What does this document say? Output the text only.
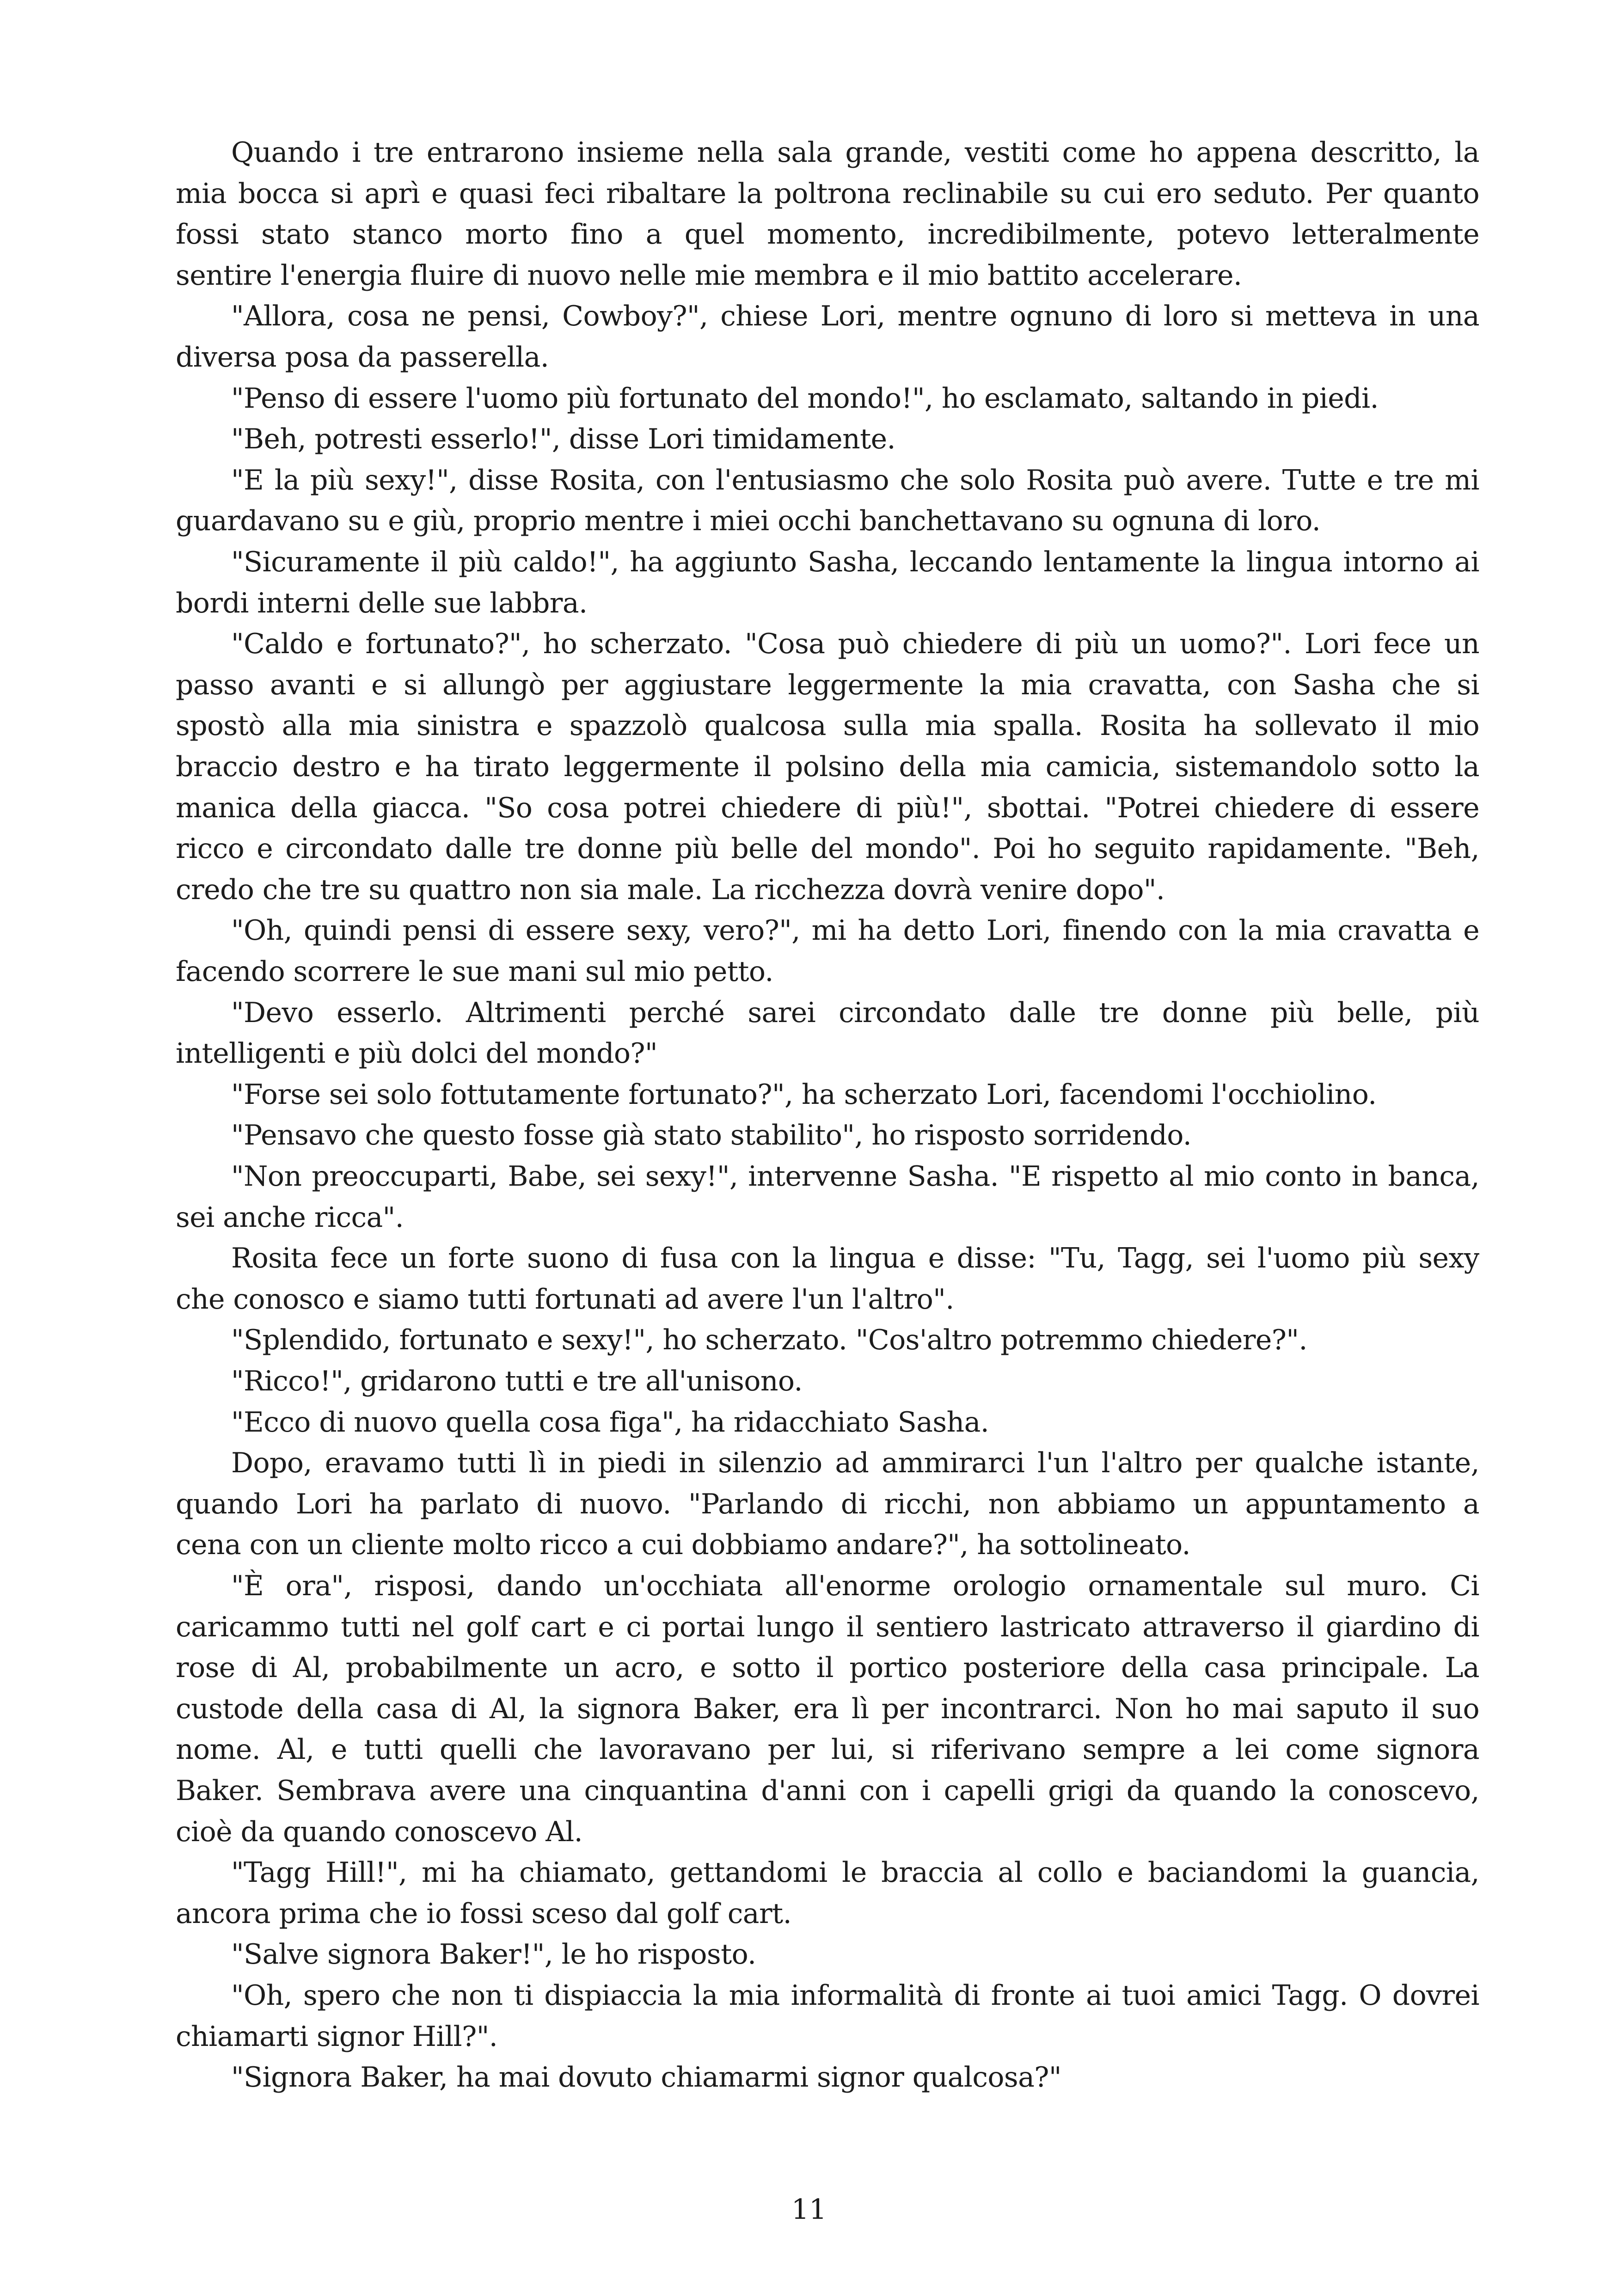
Quando i tre entrarono insieme nella sala grande, vestiti come ho appena descritto, la
mia bocca si aprì e quasi feci ribaltare la poltrona reclinabile su cui ero seduto. Per quanto
fossi stato stanco morto fino a quel momento, incredibilmente, potevo letteralmente
sentire l'energia fluire di nuovo nelle mie membra e il mio battito accelerare.
"Allora, cosa ne pensi, Cowboy?", chiese Lori, mentre ognuno di loro si metteva in una
diversa posa da passerella.
"Penso di essere l'uomo più fortunato del mondo!", ho esclamato, saltando in piedi.
"Beh, potresti esserlo!", disse Lori timidamente.
"E la più sexy!", disse Rosita, con l'entusiasmo che solo Rosita può avere. Tutte e tre mi
guardavano su e giù, proprio mentre i miei occhi banchettavano su ognuna di loro.
"Sicuramente il più caldo!", ha aggiunto Sasha, leccando lentamente la lingua intorno ai
bordi interni delle sue labbra.
"Caldo e fortunato?", ho scherzato. "Cosa può chiedere di più un uomo?". Lori fece un
passo avanti e si allungò per aggiustare leggermente la mia cravatta, con Sasha che si
spostò alla mia sinistra e spazzolò qualcosa sulla mia spalla. Rosita ha sollevato il mio
braccio destro e ha tirato leggermente il polsino della mia camicia, sistemandolo sotto la
manica della giacca. "So cosa potrei chiedere di più!", sbottai. "Potrei chiedere di essere
ricco e circondato dalle tre donne più belle del mondo". Poi ho seguito rapidamente. "Beh,
credo che tre su quattro non sia male. La ricchezza dovrà venire dopo".
"Oh, quindi pensi di essere sexy, vero?", mi ha detto Lori, finendo con la mia cravatta e
facendo scorrere le sue mani sul mio petto.
"Devo esserlo. Altrimenti perché sarei circondato dalle tre donne più belle, più
intelligenti e più dolci del mondo?"
"Forse sei solo fottutamente fortunato?", ha scherzato Lori, facendomi l'occhiolino.
"Pensavo che questo fosse già stato stabilito", ho risposto sorridendo.
"Non preoccuparti, Babe, sei sexy!", intervenne Sasha. "E rispetto al mio conto in banca,
sei anche ricca".
Rosita fece un forte suono di fusa con la lingua e disse: "Tu, Tagg, sei l'uomo più sexy
che conosco e siamo tutti fortunati ad avere l'un l'altro".
"Splendido, fortunato e sexy!", ho scherzato. "Cos'altro potremmo chiedere?".
"Ricco!", gridarono tutti e tre all'unisono.
"Ecco di nuovo quella cosa figa", ha ridacchiato Sasha.
Dopo, eravamo tutti lì in piedi in silenzio ad ammirarci l'un l'altro per qualche istante,
quando Lori ha parlato di nuovo. "Parlando di ricchi, non abbiamo un appuntamento a
cena con un cliente molto ricco a cui dobbiamo andare?", ha sottolineato.
"È ora", risposi, dando un'occhiata all'enorme orologio ornamentale sul muro. Ci
caricammo tutti nel golf cart e ci portai lungo il sentiero lastricato attraverso il giardino di
rose di Al, probabilmente un acro, e sotto il portico posteriore della casa principale. La
custode della casa di Al, la signora Baker, era lì per incontrarci. Non ho mai saputo il suo
nome. Al, e tutti quelli che lavoravano per lui, si riferivano sempre a lei come signora
Baker. Sembrava avere una cinquantina d'anni con i capelli grigi da quando la conoscevo,
cioè da quando conoscevo Al.
"Tagg Hill!", mi ha chiamato, gettandomi le braccia al collo e baciandomi la guancia,
ancora prima che io fossi sceso dal golf cart.
"Salve signora Baker!", le ho risposto.
"Oh, spero che non ti dispiaccia la mia informalità di fronte ai tuoi amici Tagg. O dovrei
chiamarti signor Hill?".
"Signora Baker, ha mai dovuto chiamarmi signor qualcosa?"
11
